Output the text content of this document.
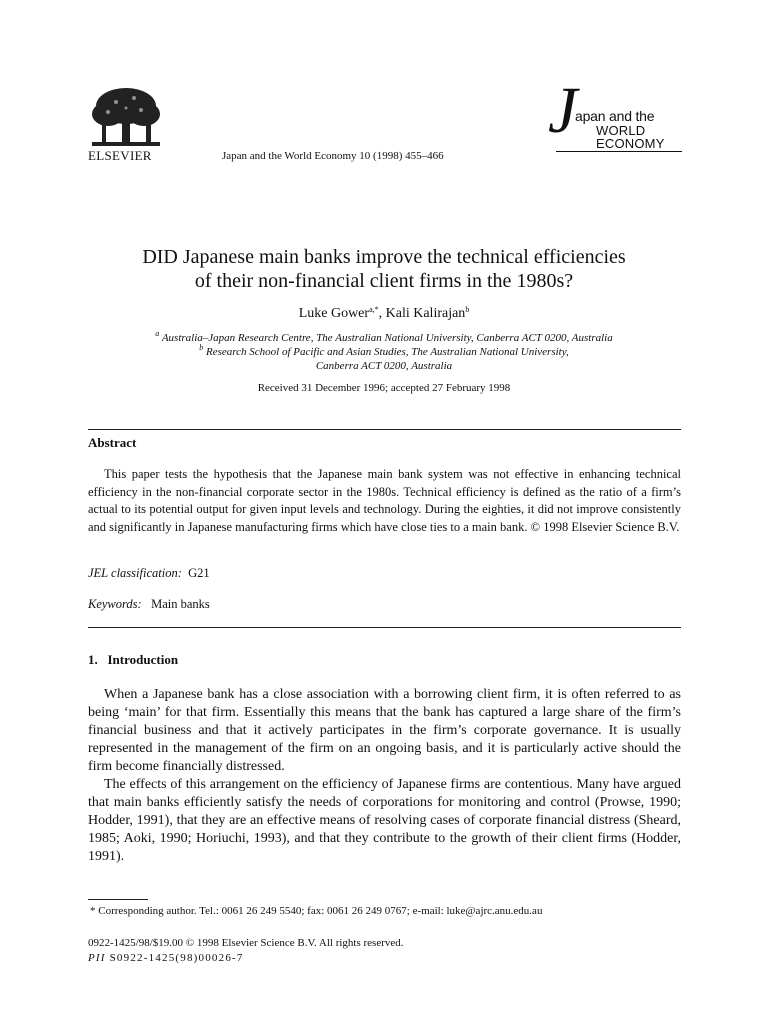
ELSEVIER	Japan and the World Economy 10 (1998) 455–466
J
apan and the
WORLD
ECONOMY
DID Japanese main banks improve the technical efficiencies
of their non-financial client firms in the 1980s?
Luke Gower$^{a,*}$, Kali Kalirajan$^b$
$^a$ Australia–Japan Research Centre, The Australian National University, Canberra ACT 0200, Australia
$^b$ Research School of Pacific and Asian Studies, The Australian National University,
Canberra ACT 0200, Australia
Received 31 December 1996; accepted 27 February 1998
Abstract
This paper tests the hypothesis that the Japanese main bank system was not effective in enhancing technical efficiency in the non-financial corporate sector in the 1980s. Technical efficiency is defined as the ratio of a firm’s actual to its potential output for given input levels and technology. During the eighties, it did not improve consistently and significantly in Japanese manufacturing firms which have close ties to a main bank. © 1998 Elsevier Science B.V.
JEL classification: G21
Keywords: Main banks
1.   Introduction
When a Japanese bank has a close association with a borrowing client firm, it is often referred to as being ‘main’ for that firm. Essentially this means that the bank has captured a large share of the firm’s financial business and that it actively participates in the firm’s corporate governance. It is usually represented in the management of the firm on an ongoing basis, and it is particularly active should the firm become financially distressed.
The effects of this arrangement on the efficiency of Japanese firms are contentious. Many have argued that main banks efficiently satisfy the needs of corporations for monitoring and control (Prowse, 1990; Hodder, 1991), that they are an effective means of resolving cases of corporate financial distress (Sheard, 1985; Aoki, 1990; Horiuchi, 1993), and that they contribute to the growth of their client firms (Hodder, 1991).
* Corresponding author. Tel.: 0061 26 249 5540; fax: 0061 26 249 0767; e-mail: luke@ajrc.anu.edu.au
0922-1425/98/$19.00 © 1998 Elsevier Science B.V. All rights reserved.
PII S0922-1425(98)00026-7
